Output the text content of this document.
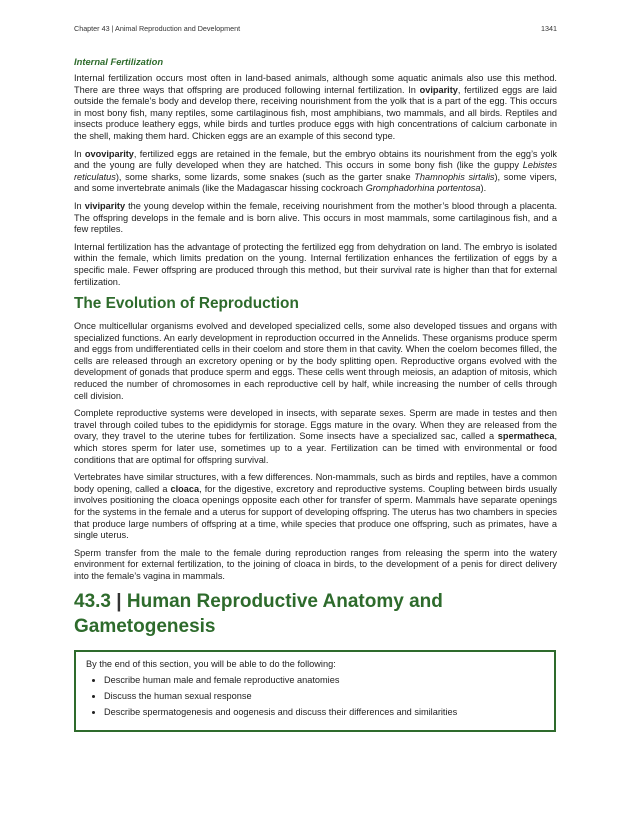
Chapter 43 | Animal Reproduction and Development	1341
Internal Fertilization

Internal fertilization occurs most often in land-based animals, although some aquatic animals also use this method. There are three ways that offspring are produced following internal fertilization. In oviparity, fertilized eggs are laid outside the female’s body and develop there, receiving nourishment from the yolk that is a part of the egg. This occurs in most bony fish, many reptiles, some cartilaginous fish, most amphibians, two mammals, and all birds. Reptiles and insects produce leathery eggs, while birds and turtles produce eggs with high concentrations of calcium carbonate in the shell, making them hard. Chicken eggs are an example of this second type.

In ovoviparity, fertilized eggs are retained in the female, but the embryo obtains its nourishment from the egg’s yolk and the young are fully developed when they are hatched. This occurs in some bony fish (like the guppy Lebistes reticulatus), some sharks, some lizards, some snakes (such as the garter snake Thamnophis sirtalis), some vipers, and some invertebrate animals (like the Madagascar hissing cockroach Gromphadorhina portentosa).

In viviparity the young develop within the female, receiving nourishment from the mother’s blood through a placenta. The offspring develops in the female and is born alive. This occurs in most mammals, some cartilaginous fish, and a few reptiles.

Internal fertilization has the advantage of protecting the fertilized egg from dehydration on land. The embryo is isolated within the female, which limits predation on the young. Internal fertilization enhances the fertilization of eggs by a specific male. Fewer offspring are produced through this method, but their survival rate is higher than that for external fertilization.

The Evolution of Reproduction

Once multicellular organisms evolved and developed specialized cells, some also developed tissues and organs with specialized functions. An early development in reproduction occurred in the Annelids. These organisms produce sperm and eggs from undifferentiated cells in their coelom and store them in that cavity. When the coelom becomes filled, the cells are released through an excretory opening or by the body splitting open. Reproductive organs evolved with the development of gonads that produce sperm and eggs. These cells went through meiosis, an adaption of mitosis, which reduced the number of chromosomes in each reproductive cell by half, while increasing the number of cells through cell division.

Complete reproductive systems were developed in insects, with separate sexes. Sperm are made in testes and then travel through coiled tubes to the epididymis for storage. Eggs mature in the ovary. When they are released from the ovary, they travel to the uterine tubes for fertilization. Some insects have a specialized sac, called a spermatheca, which stores sperm for later use, sometimes up to a year. Fertilization can be timed with environmental or food conditions that are optimal for offspring survival.

Vertebrates have similar structures, with a few differences. Non-mammals, such as birds and reptiles, have a common body opening, called a cloaca, for the digestive, excretory and reproductive systems. Coupling between birds usually involves positioning the cloaca openings opposite each other for transfer of sperm. Mammals have separate openings for the systems in the female and a uterus for support of developing offspring. The uterus has two chambers in species that produce large numbers of offspring at a time, while species that produce one offspring, such as primates, have a single uterus.

Sperm transfer from the male to the female during reproduction ranges from releasing the sperm into the watery environment for external fertilization, to the joining of cloaca in birds, to the development of a penis for direct delivery into the female’s vagina in mammals.

43.3 | Human Reproductive Anatomy and Gametogenesis
By the end of this section, you will be able to do the following:
• Describe human male and female reproductive anatomies
• Discuss the human sexual response
• Describe spermatogenesis and oogenesis and discuss their differences and similarities
